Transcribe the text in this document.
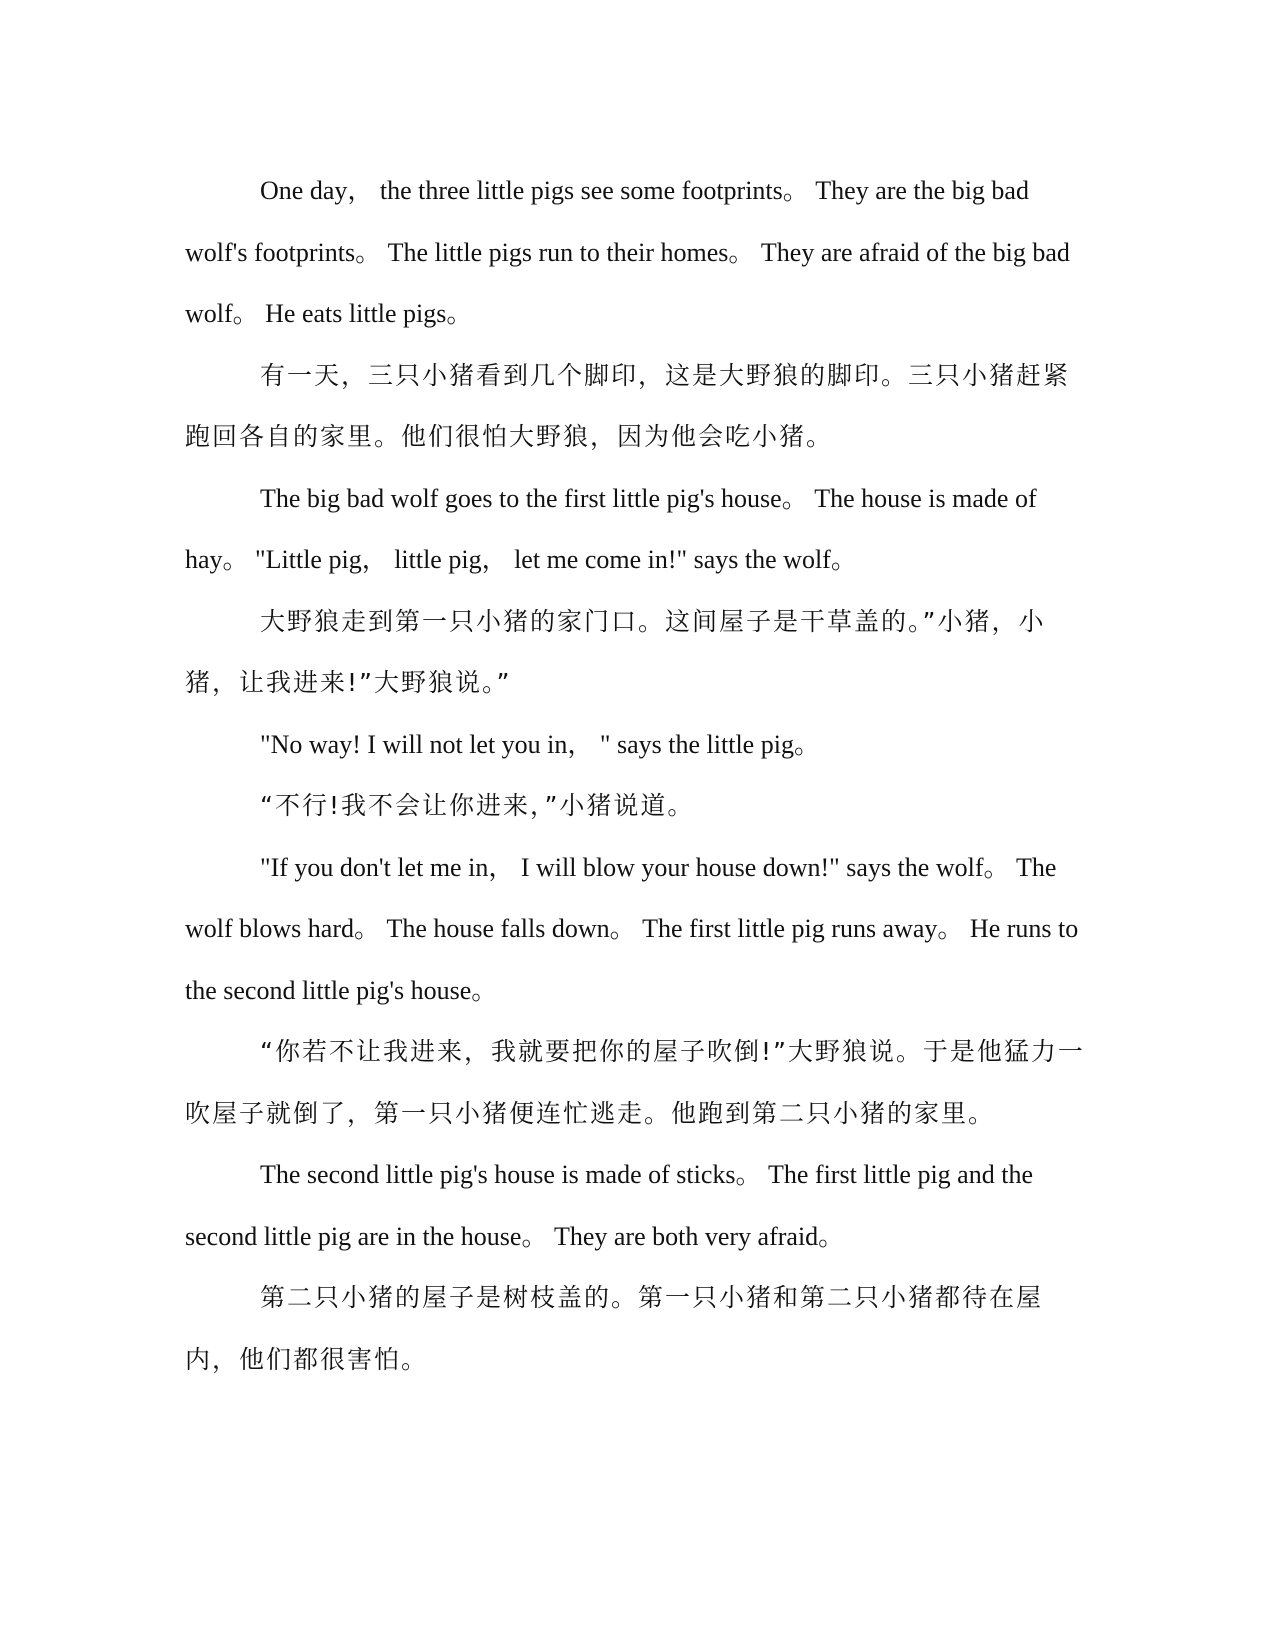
One day， the three little pigs see some footprints。 They are the big bad wolf's footprints。 The little pigs run to their homes。 They are afraid of the big bad wolf。 He eats little pigs。

有一天，三只小猪看到几个脚印，这是大野狼的脚印。三只小猪赶紧跑回各自的家里。他们很怕大野狼，因为他会吃小猪。

The big bad wolf goes to the first little pig's house。 The house is made of hay。 "Little pig， little pig， let me come in!" says the wolf。

大野狼走到第一只小猪的家门口。这间屋子是干草盖的。”小猪，小猪，让我进来!”大野狼说。”

"No way! I will not let you in， " says the little pig。

“不行!我不会让你进来，”小猪说道。

"If you don't let me in， I will blow your house down!" says the wolf。 The wolf blows hard。 The house falls down。 The first little pig runs away。 He runs to the second little pig's house。

“你若不让我进来，我就要把你的屋子吹倒!”大野狼说。于是他猛力一吹屋子就倒了，第一只小猪便连忙逃走。他跑到第二只小猪的家里。

The second little pig's house is made of sticks。 The first little pig and the second little pig are in the house。 They are both very afraid。

第二只小猪的屋子是树枝盖的。第一只小猪和第二只小猪都待在屋内，他们都很害怕。
